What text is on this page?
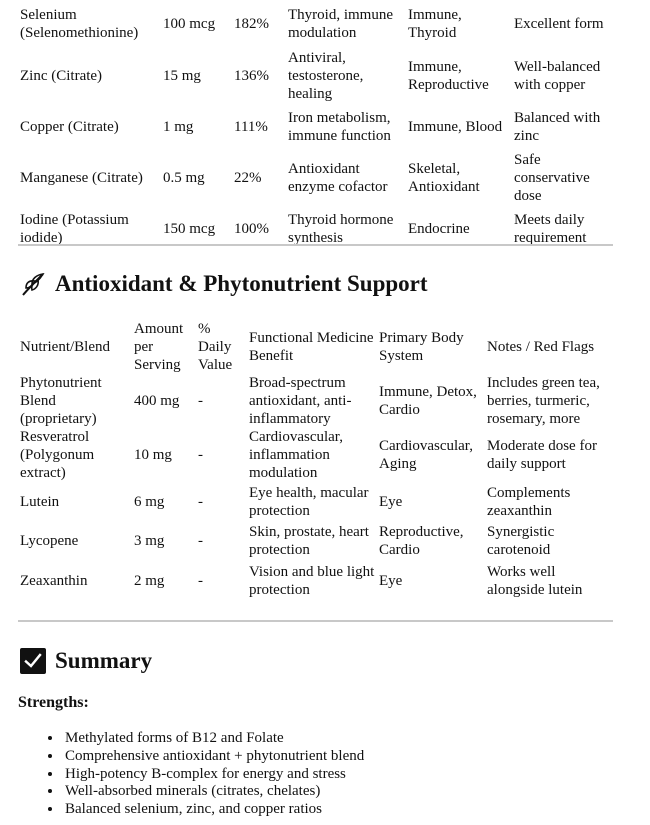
Selenium (Selenomethionine)	100 mcg	182%	Thyroid, immune modulation	Immune, Thyroid	Excellent form
Zinc (Citrate)	15 mg	136%	Antiviral, testosterone, healing	Immune, Reproductive	Well-balanced with copper
Copper (Citrate)	1 mg	111%	Iron metabolism, immune function	Immune, Blood	Balanced with zinc
Manganese (Citrate)	0.5 mg	22%	Antioxidant enzyme cofactor	Skeletal, Antioxidant	Safe conservative dose
Iodine (Potassium iodide)	150 mcg	100%	Thyroid hormone synthesis	Endocrine	Meets daily requirement
Antioxidant & Phytonutrient Support
Nutrient/Blend	Amount per Serving	% Daily Value	Functional Medicine Benefit	Primary Body System	Notes / Red Flags
Phytonutrient Blend (proprietary)	400 mg	-	Broad-spectrum antioxidant, anti-inflammatory	Immune, Detox, Cardio	Includes green tea, berries, turmeric, rosemary, more
Resveratrol (Polygonum extract)	10 mg	-	Cardiovascular, inflammation modulation	Cardiovascular, Aging	Moderate dose for daily support
Lutein	6 mg	-	Eye health, macular protection	Eye	Complements zeaxanthin
Lycopene	3 mg	-	Skin, prostate, heart protection	Reproductive, Cardio	Synergistic carotenoid
Zeaxanthin	2 mg	-	Vision and blue light protection	Eye	Works well alongside lutein
Summary

Strengths:

• Methylated forms of B12 and Folate
• Comprehensive antioxidant + phytonutrient blend
• High-potency B-complex for energy and stress
• Well-absorbed minerals (citrates, chelates)
• Balanced selenium, zinc, and copper ratios
